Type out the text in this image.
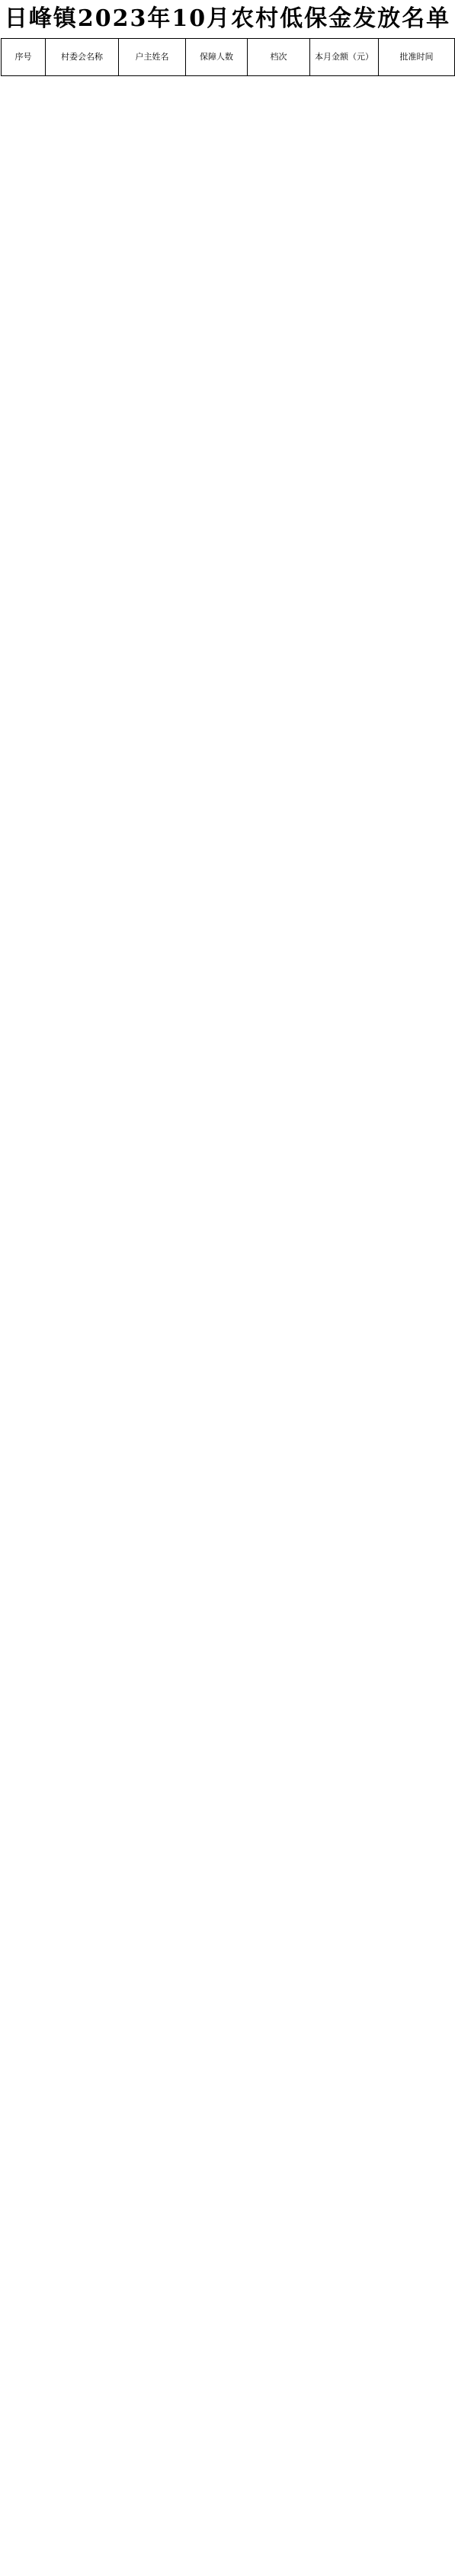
日峰镇2023年10月农村低保金发放名单
序号	村委会名称	户主姓名	保障人数	档次	本月金额（元）	批准时间
